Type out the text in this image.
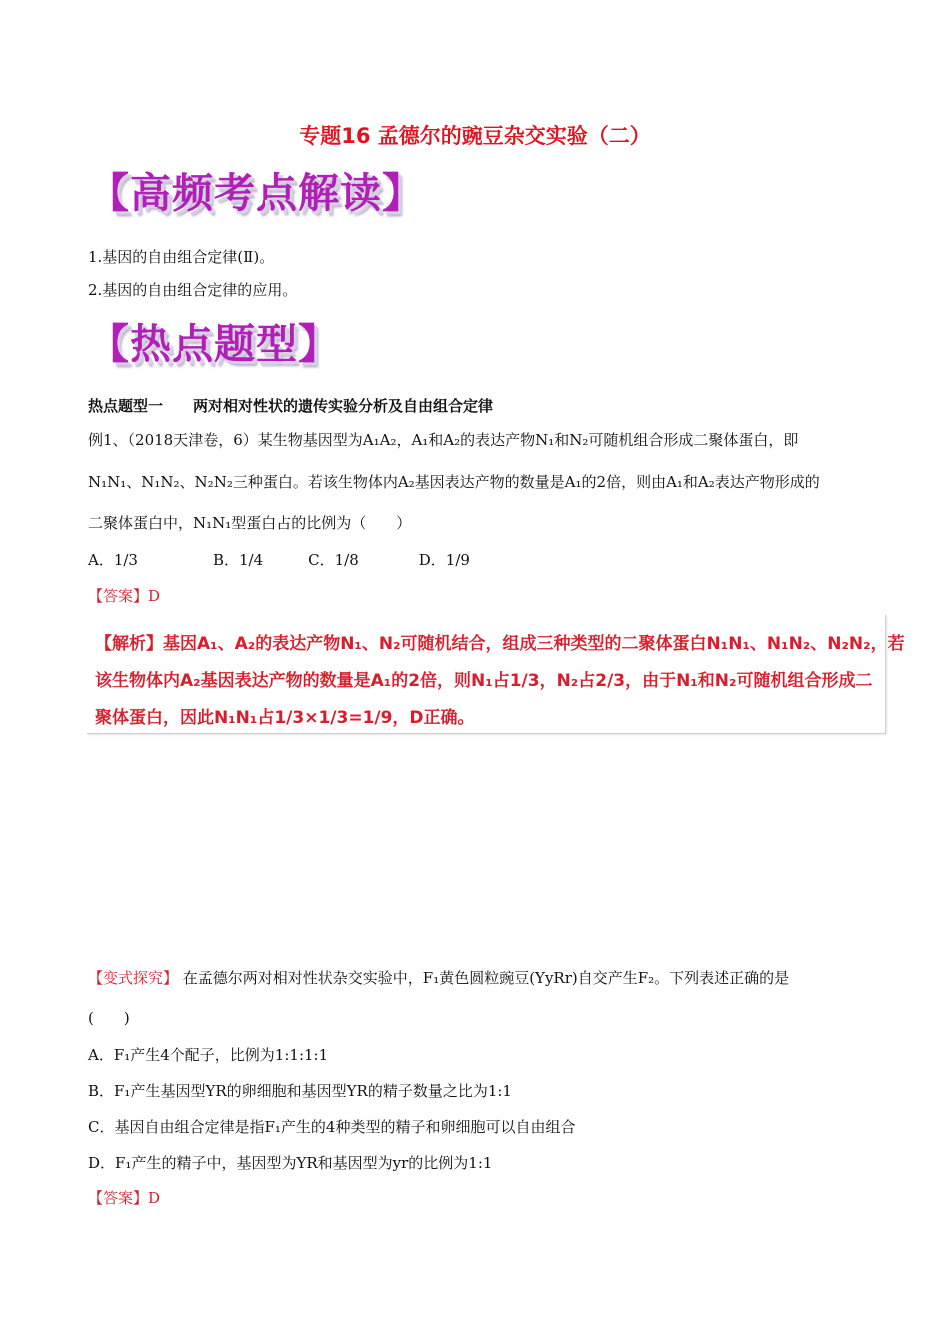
专题16 孟德尔的豌豆杂交实验（二）
【高频考点解读】
1.基因的自由组合定律(Ⅱ)。
2.基因的自由组合定律的应用。
【热点题型】
热点题型一　　两对相对性状的遗传实验分析及自由组合定律
例1、（2018天津卷，6）某生物基因型为A₁A₂，A₁和A₂的表达产物N₁和N₂可随机组合形成二聚体蛋白，即
N₁N₁、N₁N₂、N₂N₂三种蛋白。若该生物体内A₂基因表达产物的数量是A₁的2倍，则由A₁和A₂表达产物形成的
二聚体蛋白中，N₁N₁型蛋白占的比例为（　　）
A．1/3　　　　　B．1/4　　　C．1/8　　　　D．1/9
【答案】D
【解析】基因A₁、A₂的表达产物N₁、N₂可随机结合，组成三种类型的二聚体蛋白N₁N₁、N₁N₂、N₂N₂，若
该生物体内A₂基因表达产物的数量是A₁的2倍，则N₁占1/3，N₂占2/3，由于N₁和N₂可随机组合形成二
聚体蛋白，因此N₁N₁占1/3×1/3=1/9，D正确。
【变式探究】 在孟德尔两对相对性状杂交实验中，F₁黄色圆粒豌豆(YyRr)自交产生F₂。下列表述正确的是
(　　)
A．F₁产生4个配子，比例为1:1:1:1
B．F₁产生基因型YR的卵细胞和基因型YR的精子数量之比为1:1
C．基因自由组合定律是指F₁产生的4种类型的精子和卵细胞可以自由组合
D．F₁产生的精子中，基因型为YR和基因型为yr的比例为1:1
【答案】D
